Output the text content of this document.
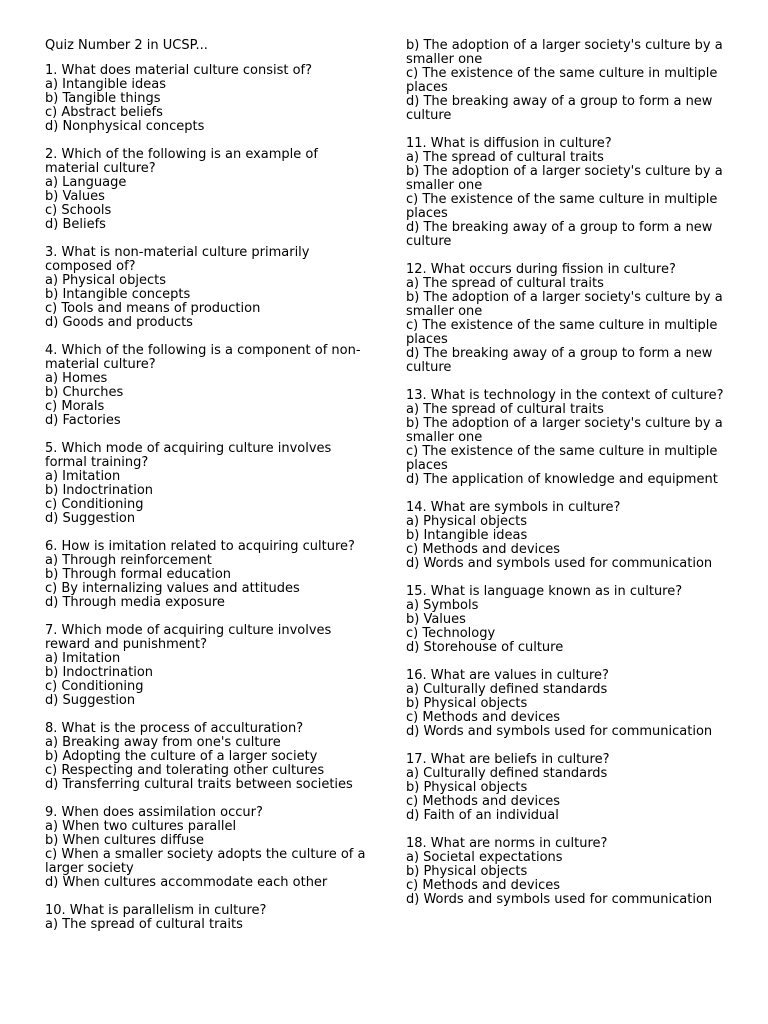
Quiz Number 2 in UCSP...
1. What does material culture consist of?
a) Intangible ideas
b) Tangible things
c) Abstract beliefs
d) Nonphysical concepts
2. Which of the following is an example of material culture?
a) Language
b) Values
c) Schools
d) Beliefs
3. What is non-material culture primarily composed of?
a) Physical objects
b) Intangible concepts
c) Tools and means of production
d) Goods and products
4. Which of the following is a component of non-material culture?
a) Homes
b) Churches
c) Morals
d) Factories
5. Which mode of acquiring culture involves formal training?
a) Imitation
b) Indoctrination
c) Conditioning
d) Suggestion
6. How is imitation related to acquiring culture?
a) Through reinforcement
b) Through formal education
c) By internalizing values and attitudes
d) Through media exposure
7. Which mode of acquiring culture involves reward and punishment?
a) Imitation
b) Indoctrination
c) Conditioning
d) Suggestion
8. What is the process of acculturation?
a) Breaking away from one's culture
b) Adopting the culture of a larger society
c) Respecting and tolerating other cultures
d) Transferring cultural traits between societies
9. When does assimilation occur?
a) When two cultures parallel
b) When cultures diffuse
c) When a smaller society adopts the culture of a larger society
d) When cultures accommodate each other
10. What is parallelism in culture?
a) The spread of cultural traits
b) The adoption of a larger society's culture by a smaller one
c) The existence of the same culture in multiple places
d) The breaking away of a group to form a new culture
11. What is diffusion in culture?
a) The spread of cultural traits
b) The adoption of a larger society's culture by a smaller one
c) The existence of the same culture in multiple places
d) The breaking away of a group to form a new culture
12. What occurs during fission in culture?
a) The spread of cultural traits
b) The adoption of a larger society's culture by a smaller one
c) The existence of the same culture in multiple places
d) The breaking away of a group to form a new culture
13. What is technology in the context of culture?
a) The spread of cultural traits
b) The adoption of a larger society's culture by a smaller one
c) The existence of the same culture in multiple places
d) The application of knowledge and equipment
14. What are symbols in culture?
a) Physical objects
b) Intangible ideas
c) Methods and devices
d) Words and symbols used for communication
15. What is language known as in culture?
a) Symbols
b) Values
c) Technology
d) Storehouse of culture
16. What are values in culture?
a) Culturally defined standards
b) Physical objects
c) Methods and devices
d) Words and symbols used for communication
17. What are beliefs in culture?
a) Culturally defined standards
b) Physical objects
c) Methods and devices
d) Faith of an individual
18. What are norms in culture?
a) Societal expectations
b) Physical objects
c) Methods and devices
d) Words and symbols used for communication
